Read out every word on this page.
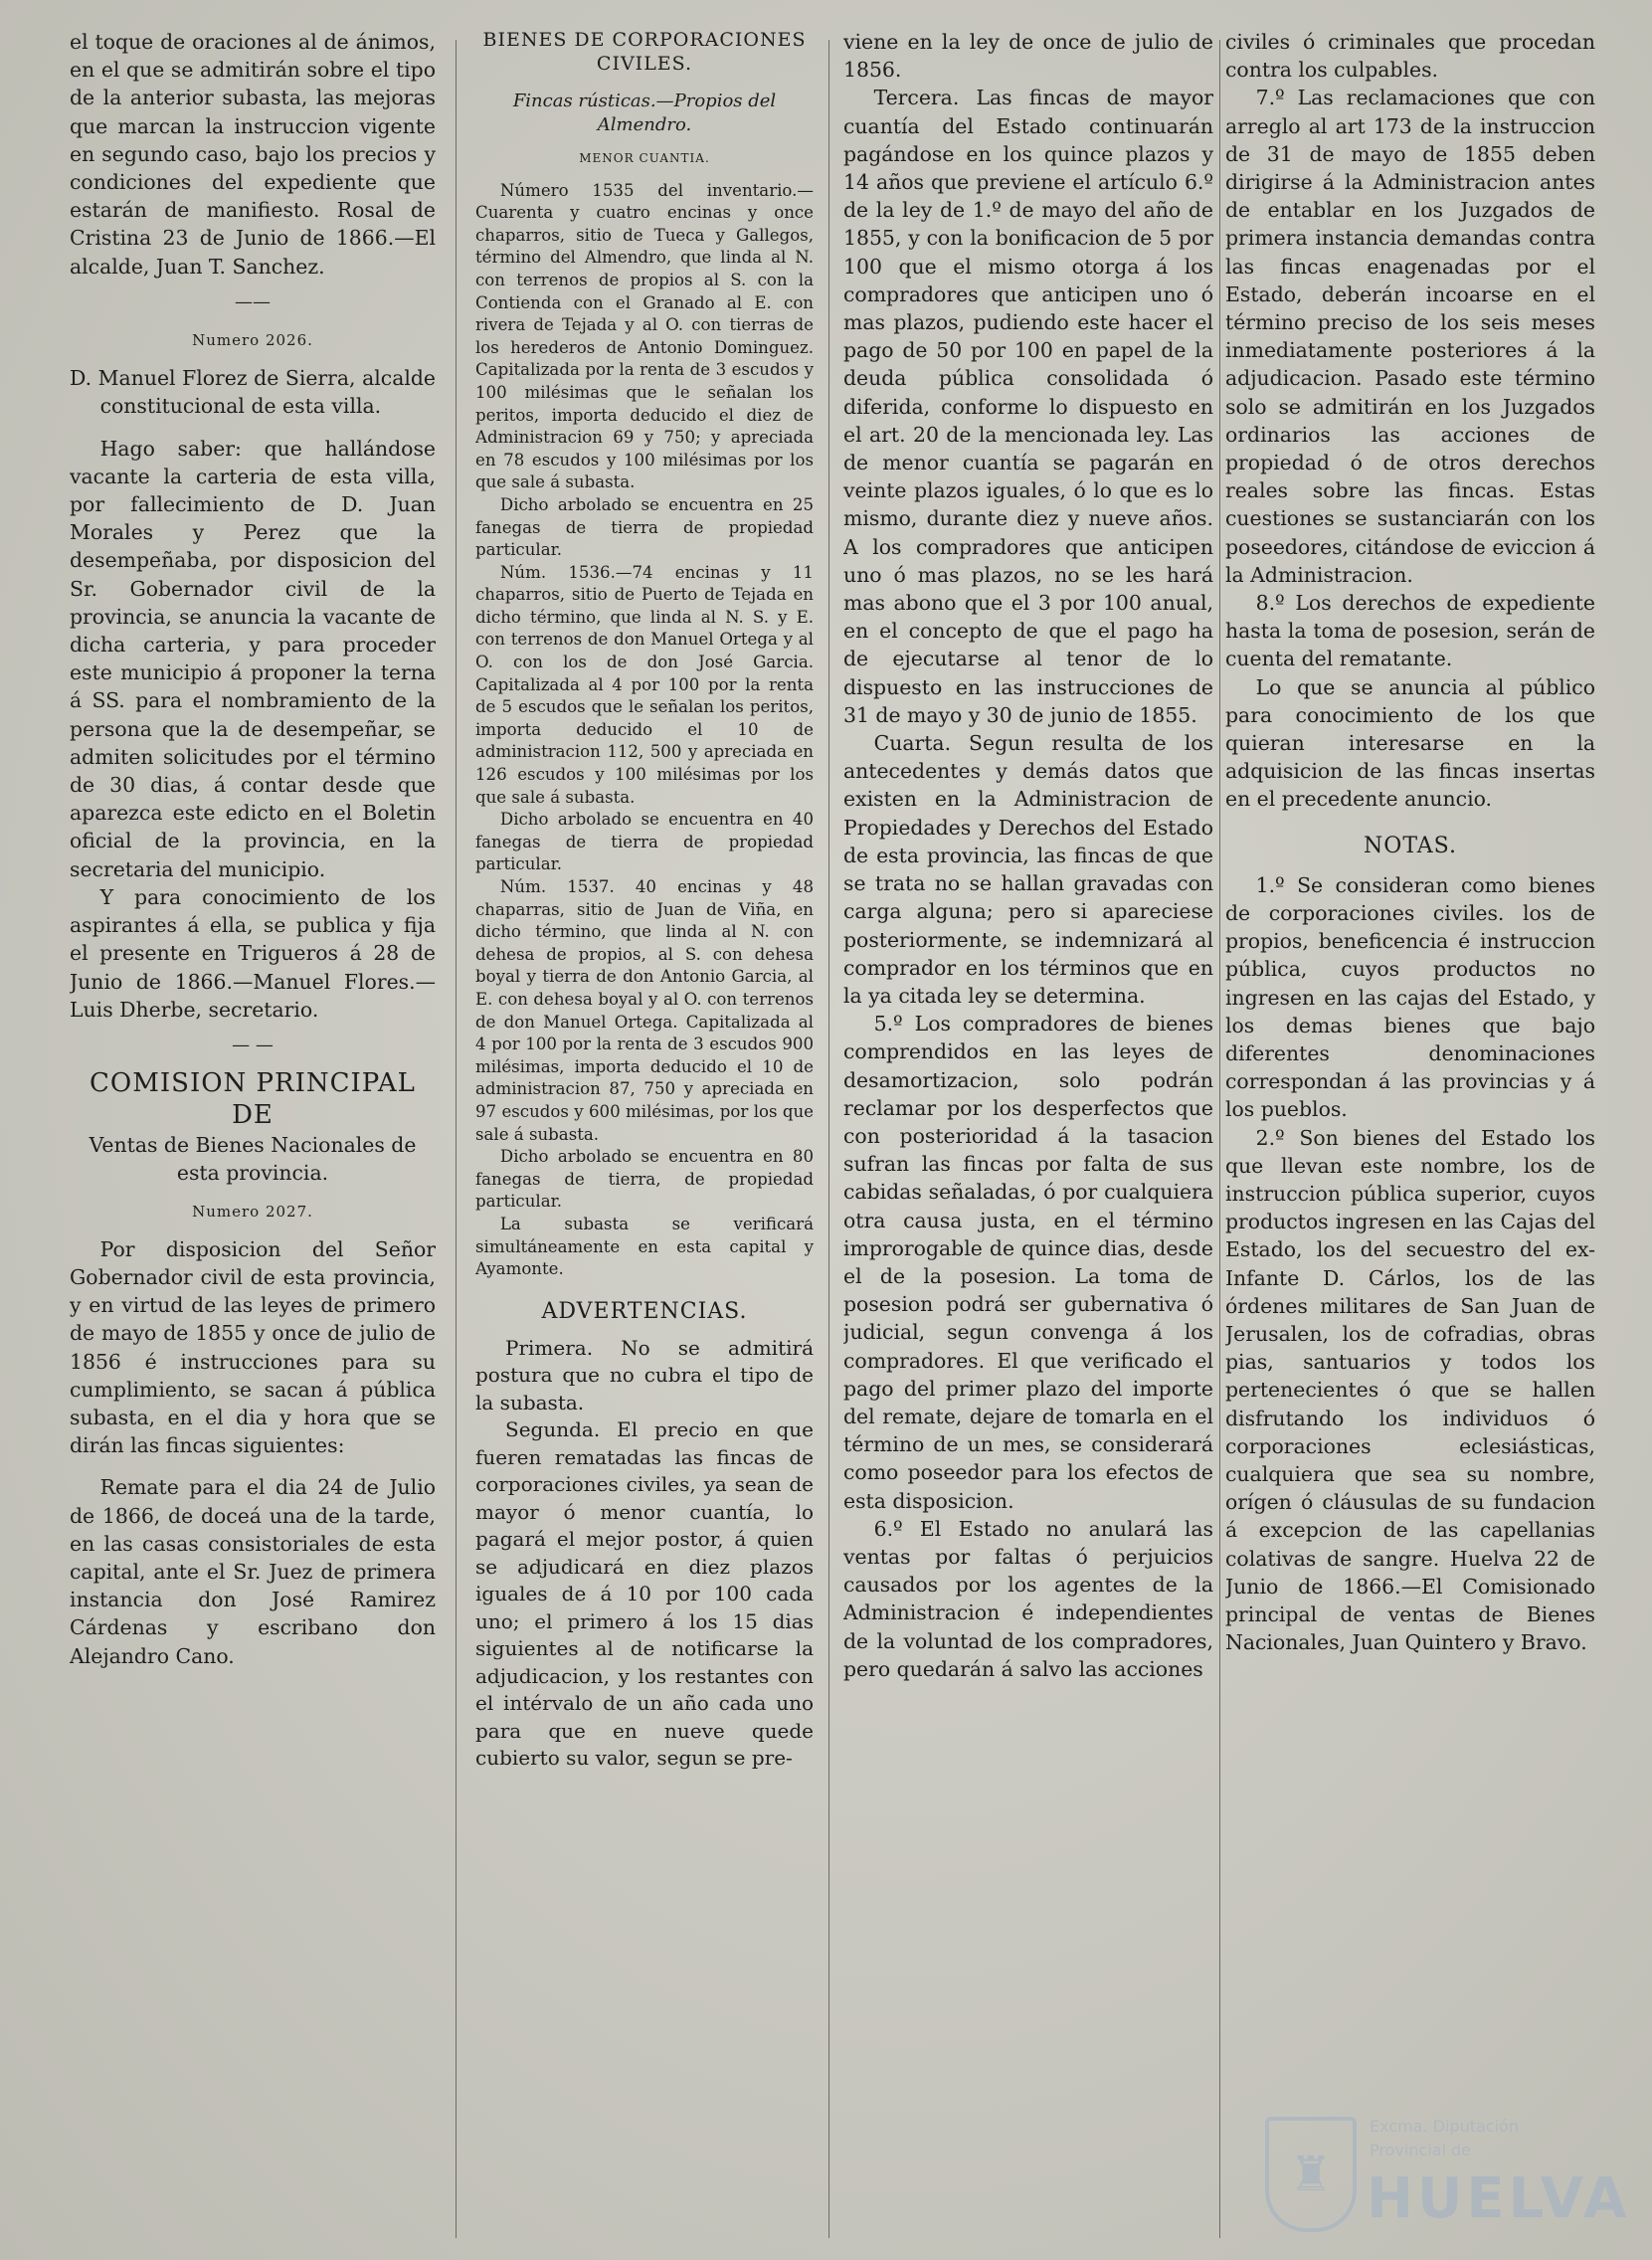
el toque de oraciones al de ánimos, en el que se admitirán sobre el tipo de la anterior subasta, las mejoras que marcan la instruccion vigente en segundo caso, bajo los precios y condiciones del expediente que estarán de manifiesto. Rosal de Cristina 23 de Junio de 1866.—El alcalde, Juan T. Sanchez.

——
Numero 2026.

D. Manuel Florez de Sierra, alcalde constitucional de esta villa.

Hago saber: que hallándose vacante la carteria de esta villa, por fallecimiento de D. Juan Morales y Perez que la desempeñaba, por disposicion del Sr. Gobernador civil de la provincia, se anuncia la vacante de dicha carteria, y para proceder este municipio á proponer la terna á SS. para el nombramiento de la persona que la de desempeñar, se admiten solicitudes por el término de 30 dias, á contar desde que aparezca este edicto en el Boletin oficial de la provincia, en la secretaria del municipio.

Y para conocimiento de los aspirantes á ella, se publica y fija el presente en Trigueros á 28 de Junio de 1866.—Manuel Flores.—Luis Dherbe, secretario.

— —
COMISION PRINCIPAL DE
Ventas de Bienes Nacionales de esta provincia.
Numero 2027.

Por disposicion del Señor Gobernador civil de esta provincia, y en virtud de las leyes de primero de mayo de 1855 y once de julio de 1856 é instrucciones para su cumplimiento, se sacan á pública subasta, en el dia y hora que se dirán las fincas siguientes:

Remate para el dia 24 de Julio de 1866, de doceá una de la tarde, en las casas consistoriales de esta capital, ante el Sr. Juez de primera instancia don José Ramirez Cárdenas y escribano don Alejandro Cano.

BIENES DE CORPORACIONES CIVILES.
Fincas rústicas.—Propios del Almendro.
MENOR CUANTIA.

Número 1535 del inventario.—Cuarenta y cuatro encinas y once chaparros, sitio de Tueca y Gallegos, término del Almendro, que linda al N. con terrenos de propios al S. con la Contienda con el Granado al E. con rivera de Tejada y al O. con tierras de los herederos de Antonio Dominguez. Capitalizada por la renta de 3 escudos y 100 milésimas que le señalan los peritos, importa deducido el diez de Administracion 69 y 750; y apreciada en 78 escudos y 100 milésimas por los que sale á subasta.

Dicho arbolado se encuentra en 25 fanegas de tierra de propiedad particular.

Núm. 1536.—74 encinas y 11 chaparros, sitio de Puerto de Tejada en dicho término, que linda al N. S. y E. con terrenos de don Manuel Ortega y al O. con los de don José Garcia. Capitalizada al 4 por 100 por la renta de 5 escudos que le señalan los peritos, importa deducido el 10 de administracion 112, 500 y apreciada en 126 escudos y 100 milésimas por los que sale á subasta.

Dicho arbolado se encuentra en 40 fanegas de tierra de propiedad particular.

Núm. 1537. 40 encinas y 48 chaparras, sitio de Juan de Viña, en dicho término, que linda al N. con dehesa de propios, al S. con dehesa boyal y tierra de don Antonio Garcia, al E. con dehesa boyal y al O. con terrenos de don Manuel Ortega. Capitalizada al 4 por 100 por la renta de 3 escudos 900 milésimas, importa deducido el 10 de administracion 87, 750 y apreciada en 97 escudos y 600 milésimas, por los que sale á subasta.

Dicho arbolado se encuentra en 80 fanegas de tierra, de propiedad particular.

La subasta se verificará simultáneamente en esta capital y Ayamonte.

ADVERTENCIAS.

Primera. No se admitirá postura que no cubra el tipo de la subasta.

Segunda. El precio en que fueren rematadas las fincas de corporaciones civiles, ya sean de mayor ó menor cuantía, lo pagará el mejor postor, á quien se adjudicará en diez plazos iguales de á 10 por 100 cada uno; el primero á los 15 dias siguientes al de notificarse la adjudicacion, y los restantes con el intérvalo de un año cada uno para que en nueve quede cubierto su valor, segun se pre-

viene en la ley de once de julio de 1856.

Tercera. Las fincas de mayor cuantía del Estado continuarán pagándose en los quince plazos y 14 años que previene el artículo 6.º de la ley de 1.º de mayo del año de 1855, y con la bonificacion de 5 por 100 que el mismo otorga á los compradores que anticipen uno ó mas plazos, pudiendo este hacer el pago de 50 por 100 en papel de la deuda pública consolidada ó diferida, conforme lo dispuesto en el art. 20 de la mencionada ley. Las de menor cuantía se pagarán en veinte plazos iguales, ó lo que es lo mismo, durante diez y nueve años. A los compradores que anticipen uno ó mas plazos, no se les hará mas abono que el 3 por 100 anual, en el concepto de que el pago ha de ejecutarse al tenor de lo dispuesto en las instrucciones de 31 de mayo y 30 de junio de 1855.

Cuarta. Segun resulta de los antecedentes y demás datos que existen en la Administracion de Propiedades y Derechos del Estado de esta provincia, las fincas de que se trata no se hallan gravadas con carga alguna; pero si apareciese posteriormente, se indemnizará al comprador en los términos que en la ya citada ley se determina.

5.º Los compradores de bienes comprendidos en las leyes de desamortizacion, solo podrán reclamar por los desperfectos que con posterioridad á la tasacion sufran las fincas por falta de sus cabidas señaladas, ó por cualquiera otra causa justa, en el término improrogable de quince dias, desde el de la posesion. La toma de posesion podrá ser gubernativa ó judicial, segun convenga á los compradores. El que verificado el pago del primer plazo del importe del remate, dejare de tomarla en el término de un mes, se considerará como poseedor para los efectos de esta disposicion.

6.º El Estado no anulará las ventas por faltas ó perjuicios causados por los agentes de la Administracion é independientes de la voluntad de los compradores, pero quedarán á salvo las acciones

civiles ó criminales que procedan contra los culpables.

7.º Las reclamaciones que con arreglo al art 173 de la instruccion de 31 de mayo de 1855 deben dirigirse á la Administracion antes de entablar en los Juzgados de primera instancia demandas contra las fincas enagenadas por el Estado, deberán incoarse en el término preciso de los seis meses inmediatamente posteriores á la adjudicacion. Pasado este término solo se admitirán en los Juzgados ordinarios las acciones de propiedad ó de otros derechos reales sobre las fincas. Estas cuestiones se sustanciarán con los poseedores, citándose de eviccion á la Administracion.

8.º Los derechos de expediente hasta la toma de posesion, serán de cuenta del rematante.

Lo que se anuncia al público para conocimiento de los que quieran interesarse en la adquisicion de las fincas insertas en el precedente anuncio.

NOTAS.

1.º Se consideran como bienes de corporaciones civiles. los de propios, beneficencia é instruccion pública, cuyos productos no ingresen en las cajas del Estado, y los demas bienes que bajo diferentes denominaciones correspondan á las provincias y á los pueblos.

2.º Son bienes del Estado los que llevan este nombre, los de instruccion pública superior, cuyos productos ingresen en las Cajas del Estado, los del secuestro del ex-Infante D. Cárlos, los de las órdenes militares de San Juan de Jerusalen, los de cofradias, obras pias, santuarios y todos los pertenecientes ó que se hallen disfrutando los individuos ó corporaciones eclesiásticas, cualquiera que sea su nombre, orígen ó cláusulas de su fundacion á excepcion de las capellanias colativas de sangre. Huelva 22 de Junio de 1866.—El Comisionado principal de ventas de Bienes Nacionales, Juan Quintero y Bravo.

♜
Excma. Diputación
Provincial de
HUELVA
